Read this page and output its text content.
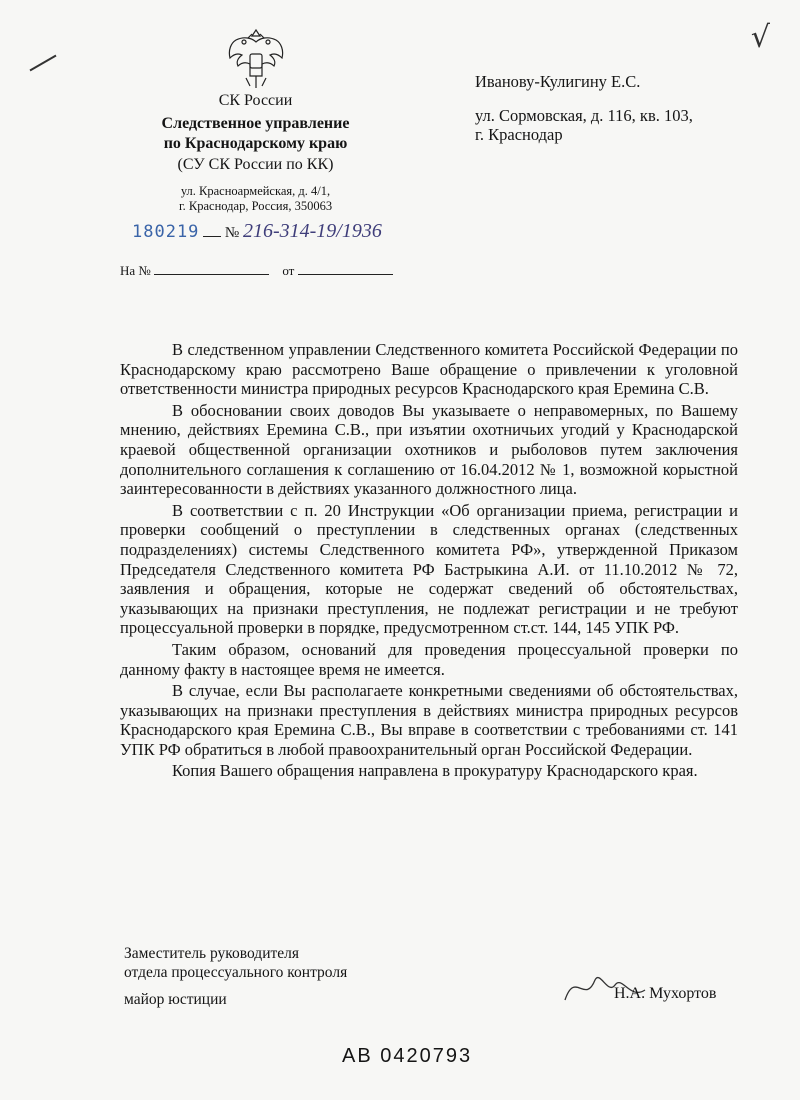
√
СК России
Следственное управление
по Краснодарскому краю
(СУ СК России по КК)
ул. Красноармейская, д. 4/1,
г. Краснодар, Россия, 350063
180219 № 216-314-19/1936
На №	от
Иванову-Кулигину Е.С.
ул. Сормовская, д. 116, кв. 103,
г. Краснодар

В следственном управлении Следственного комитета Российской Федерации по Краснодарскому краю рассмотрено Ваше обращение о привлечении к уголовной ответственности министра природных ресурсов Краснодарского края Еремина С.В.

В обосновании своих доводов Вы указываете о неправомерных, по Вашему мнению, действиях Еремина С.В., при изъятии охотничьих угодий у Краснодарской краевой общественной организации охотников и рыболовов путем заключения дополнительного соглашения к соглашению от 16.04.2012 № 1, возможной корыстной заинтересованности в действиях указанного должностного лица.

В соответствии с п. 20 Инструкции «Об организации приема, регистрации и проверки сообщений о преступлении в следственных органах (следственных подразделениях) системы Следственного комитета РФ», утвержденной Приказом Председателя Следственного комитета РФ Бастрыкина А.И. от 11.10.2012 № 72, заявления и обращения, которые не содержат сведений об обстоятельствах, указывающих на признаки преступления, не подлежат регистрации и не требуют процессуальной проверки в порядке, предусмотренном ст.ст. 144, 145 УПК РФ.

Таким образом, оснований для проведения процессуальной проверки по данному факту в настоящее время не имеется.

В случае, если Вы располагаете конкретными сведениями об обстоятельствах, указывающих на признаки преступления в действиях министра природных ресурсов Краснодарского края Еремина С.В., Вы вправе в соответствии с требованиями ст. 141 УПК РФ обратиться в любой правоохранительный орган Российской Федерации.

Копия Вашего обращения направлена в прокуратуру Краснодарского края.

Заместитель руководителя
отдела процессуального контроля
майор юстиции	Н.А. Мухортов
АВ 0420793
